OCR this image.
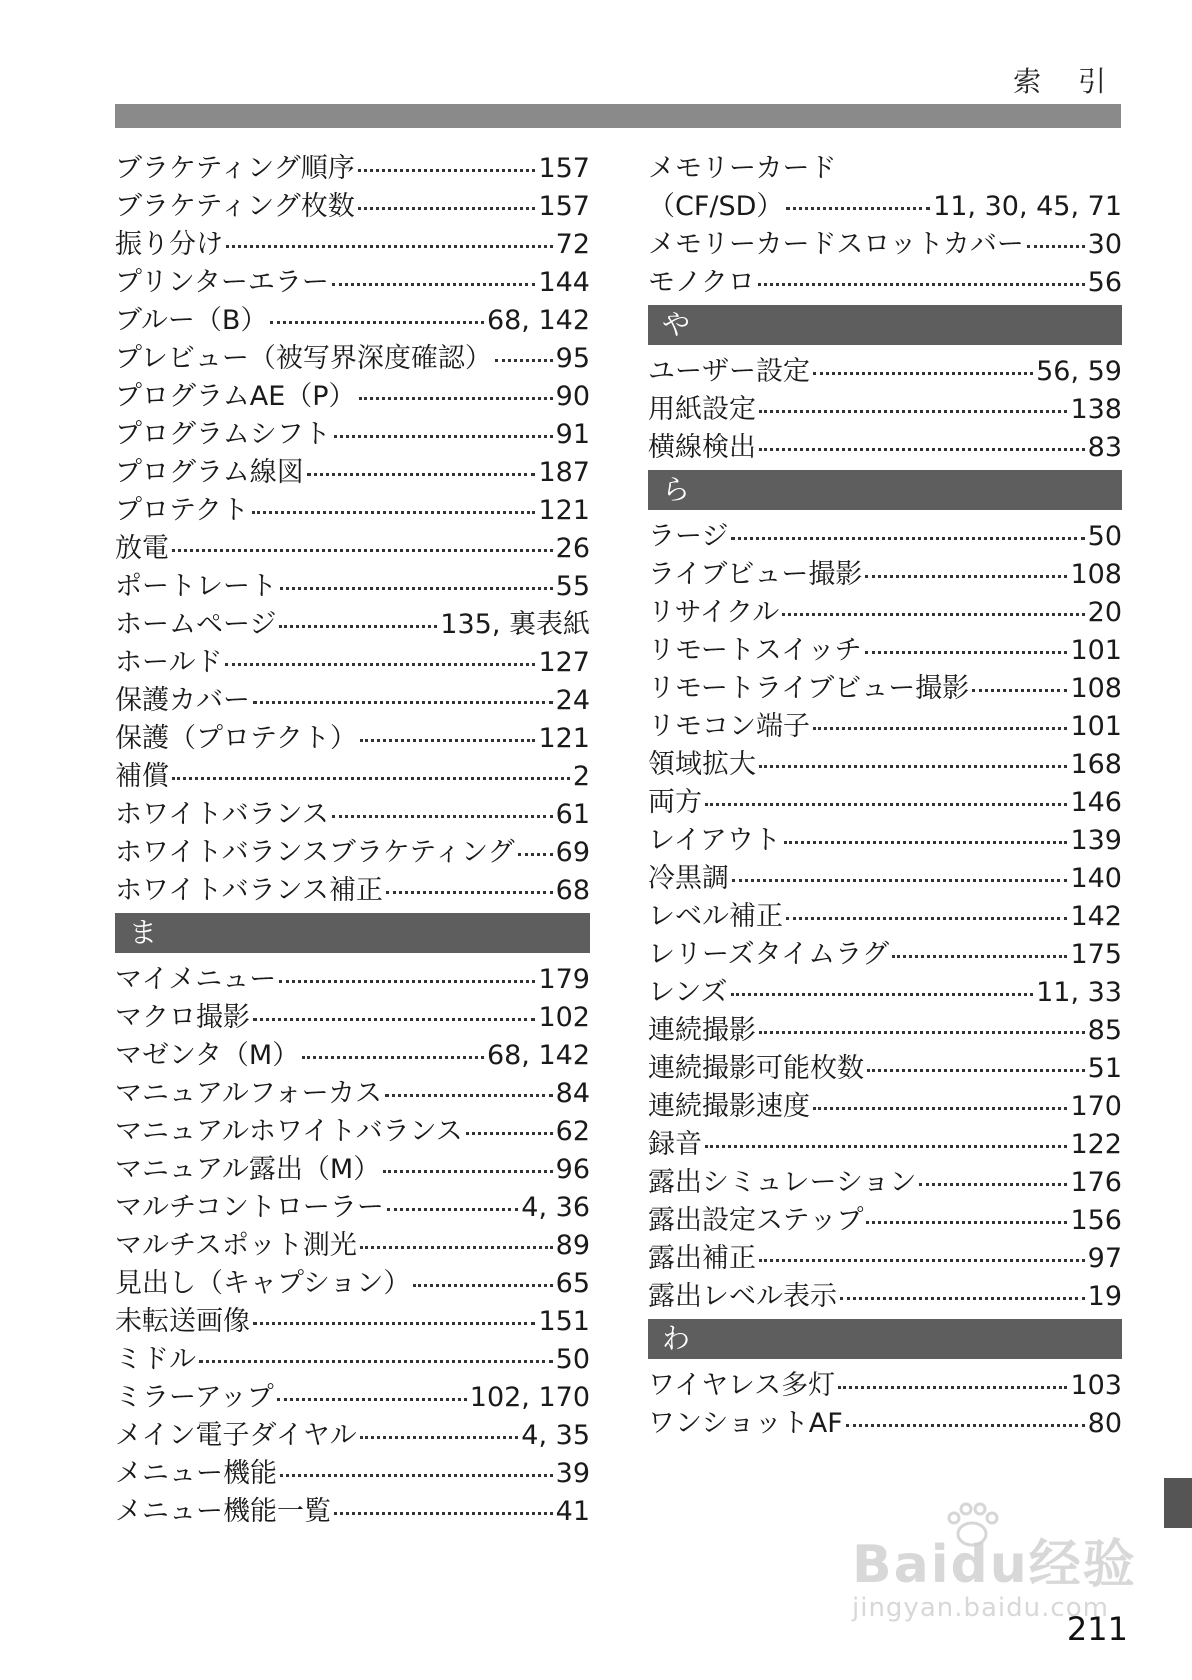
索 引
ブラケティング順序	157
ブラケティング枚数	157
振り分け	72
プリンターエラー	144
ブルー（B）	68, 142
プレビュー（被写界深度確認） 95
プログラムAE（P）	90
プログラムシフト	91
プログラム線図	187
プロテクト	121
放電	26
ポートレート	55
ホームページ	135, 裏表紙
ホールド	127
保護カバー	24
保護（プロテクト）	121
補償	2
ホワイトバランス	61
ホワイトバランスブラケティング 69
ホワイトバランス補正	68
ま
マイメニュー	179
マクロ撮影	102
マゼンタ（M）	68, 142
マニュアルフォーカス	84
マニュアルホワイトバランス	62
マニュアル露出（M）	96
マルチコントローラー	4, 36
マルチスポット測光	89
見出し（キャプション）	65
未転送画像	151
ミドル	50
ミラーアップ	102, 170
メイン電子ダイヤル	4, 35
メニュー機能	39
メニュー機能一覧	41
メモリーカード
（CF/SD）	11, 30, 45, 71
メモリーカードスロットカバー 30
モノクロ	56
や
ユーザー設定	56, 59
用紙設定	138
横線検出	83
ら
ラージ	50
ライブビュー撮影	108
リサイクル	20
リモートスイッチ	101
リモートライブビュー撮影	108
リモコン端子	101
領域拡大	168
両方	146
レイアウト	139
冷黒調	140
レベル補正	142
レリーズタイムラグ	175
レンズ	11, 33
連続撮影	85
連続撮影可能枚数	51
連続撮影速度	170
録音	122
露出シミュレーション	176
露出設定ステップ	156
露出補正	97
露出レベル表示	19
わ
ワイヤレス多灯	103
ワンショットAF	80
Baidu经验
jingyan.baidu.com
211
